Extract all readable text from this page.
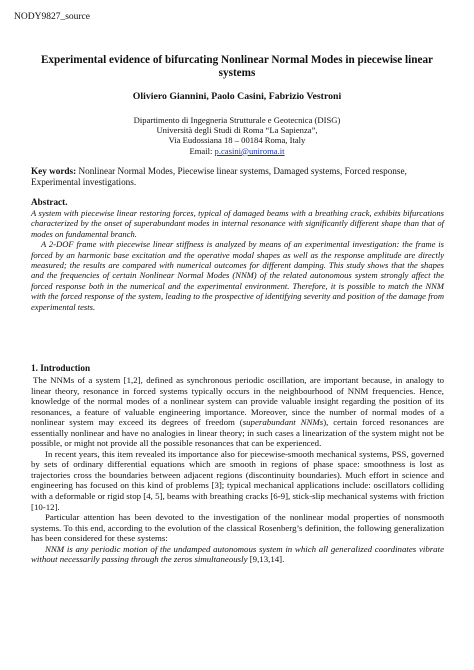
NODY9827_source
Experimental evidence of bifurcating Nonlinear Normal Modes in piecewise linear systems
Oliviero Giannini, Paolo Casini, Fabrizio Vestroni
Dipartimento di Ingegneria Strutturale e Geotecnica (DISG)
Università degli Studi di Roma “La Sapienza”,
Via Eudossiana 18 – 00184 Roma, Italy
Email: p.casini@uniroma.it
Key words: Nonlinear Normal Modes, Piecewise linear systems, Damaged systems, Forced response, Experimental investigations.
Abstract.

A system with piecewise linear restoring forces, typical of damaged beams with a breathing crack, exhibits bifurcations characterized by the onset of superabundant modes in internal resonance with significantly different shape than that of modes on fundamental branch.

A 2-DOF frame with piecewise linear stiffness is analyzed by means of an experimental investigation: the frame is forced by an harmonic base excitation and the operative modal shapes as well as the response amplitude are directly measured; the results are compared with numerical outcomes for different damping. This study shows that the shapes and the frequencies of certain Nonlinear Normal Modes (NNM) of the related autonomous system strongly affect the forced response both in the numerical and the experimental environment. Therefore, it is possible to match the NNM with the forced response of the system, leading to the prospective of identifying severity and position of the damage from experimental tests.

1. Introduction

The NNMs of a system [1,2], defined as synchronous periodic oscillation, are important because, in analogy to linear theory, resonance in forced systems typically occurs in the neighbourhood of NNM frequencies. Hence, knowledge of the normal modes of a nonlinear system can provide valuable insight regarding the position of its resonances, a feature of valuable engineering importance. Moreover, since the number of normal modes of a nonlinear system may exceed its degrees of freedom (superabundant NNMs), certain forced resonances are essentially nonlinear and have no analogies in linear theory; in such cases a linearization of the system might not be possible, or might not provide all the possible resonances that can be experienced.

In recent years, this item revealed its importance also for piecewise-smooth mechanical systems, PSS, governed by sets of ordinary differential equations which are smooth in regions of phase space: smoothness is lost as trajectories cross the boundaries between adjacent regions (discontinuity boundaries). Much effort in science and engineering has focused on this kind of problems [3]; typical mechanical applications include: oscillators colliding with a deformable or rigid stop [4, 5], beams with breathing cracks [6-9], stick-slip mechanical systems with friction [10-12].

Particular attention has been devoted to the investigation of the nonlinear modal properties of nonsmooth systems. To this end, according to the evolution of the classical Rosenberg’s definition, the following generalization has been considered for these systems:

NNM is any periodic motion of the undamped autonomous system in which all generalized coordinates vibrate without necessarily passing through the zeros simultaneously [9,13,14].
